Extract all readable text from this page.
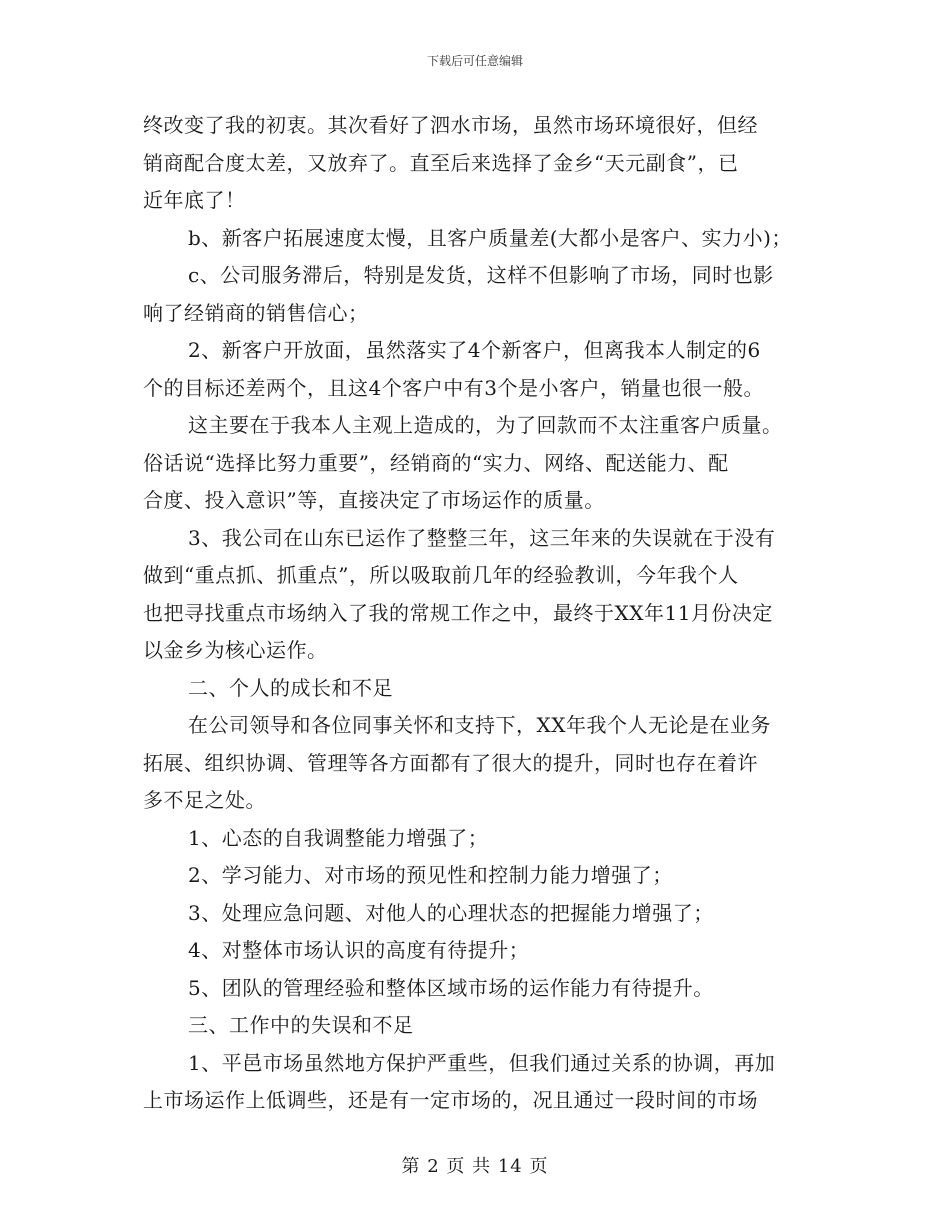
下载后可任意编辑
终改变了我的初衷。其次看好了泗水市场，虽然市场环境很好，但经
销商配合度太差，又放弃了。直至后来选择了金乡“天元副食”，已
近年底了！
b、新客户拓展速度太慢，且客户质量差(大都小是客户、实力小)；
c、公司服务滞后，特别是发货，这样不但影响了市场，同时也影
响了经销商的销售信心；
2、新客户开放面，虽然落实了4个新客户，但离我本人制定的6
个的目标还差两个，且这4个客户中有3个是小客户，销量也很一般。
这主要在于我本人主观上造成的，为了回款而不太注重客户质量。
俗话说“选择比努力重要”，经销商的“实力、网络、配送能力、配
合度、投入意识”等，直接决定了市场运作的质量。
3、我公司在山东已运作了整整三年，这三年来的失误就在于没有
做到“重点抓、抓重点”，所以吸取前几年的经验教训，今年我个人
也把寻找重点市场纳入了我的常规工作之中，最终于XX年11月份决定
以金乡为核心运作。
二、个人的成长和不足
在公司领导和各位同事关怀和支持下，XX年我个人无论是在业务
拓展、组织协调、管理等各方面都有了很大的提升，同时也存在着许
多不足之处。
1、心态的自我调整能力增强了；
2、学习能力、对市场的预见性和控制力能力增强了；
3、处理应急问题、对他人的心理状态的把握能力增强了；
4、对整体市场认识的高度有待提升；
5、团队的管理经验和整体区域市场的运作能力有待提升。
三、工作中的失误和不足
1、平邑市场虽然地方保护严重些，但我们通过关系的协调，再加
上市场运作上低调些，还是有一定市场的，况且通过一段时间的市场
第 2 页 共 14 页
